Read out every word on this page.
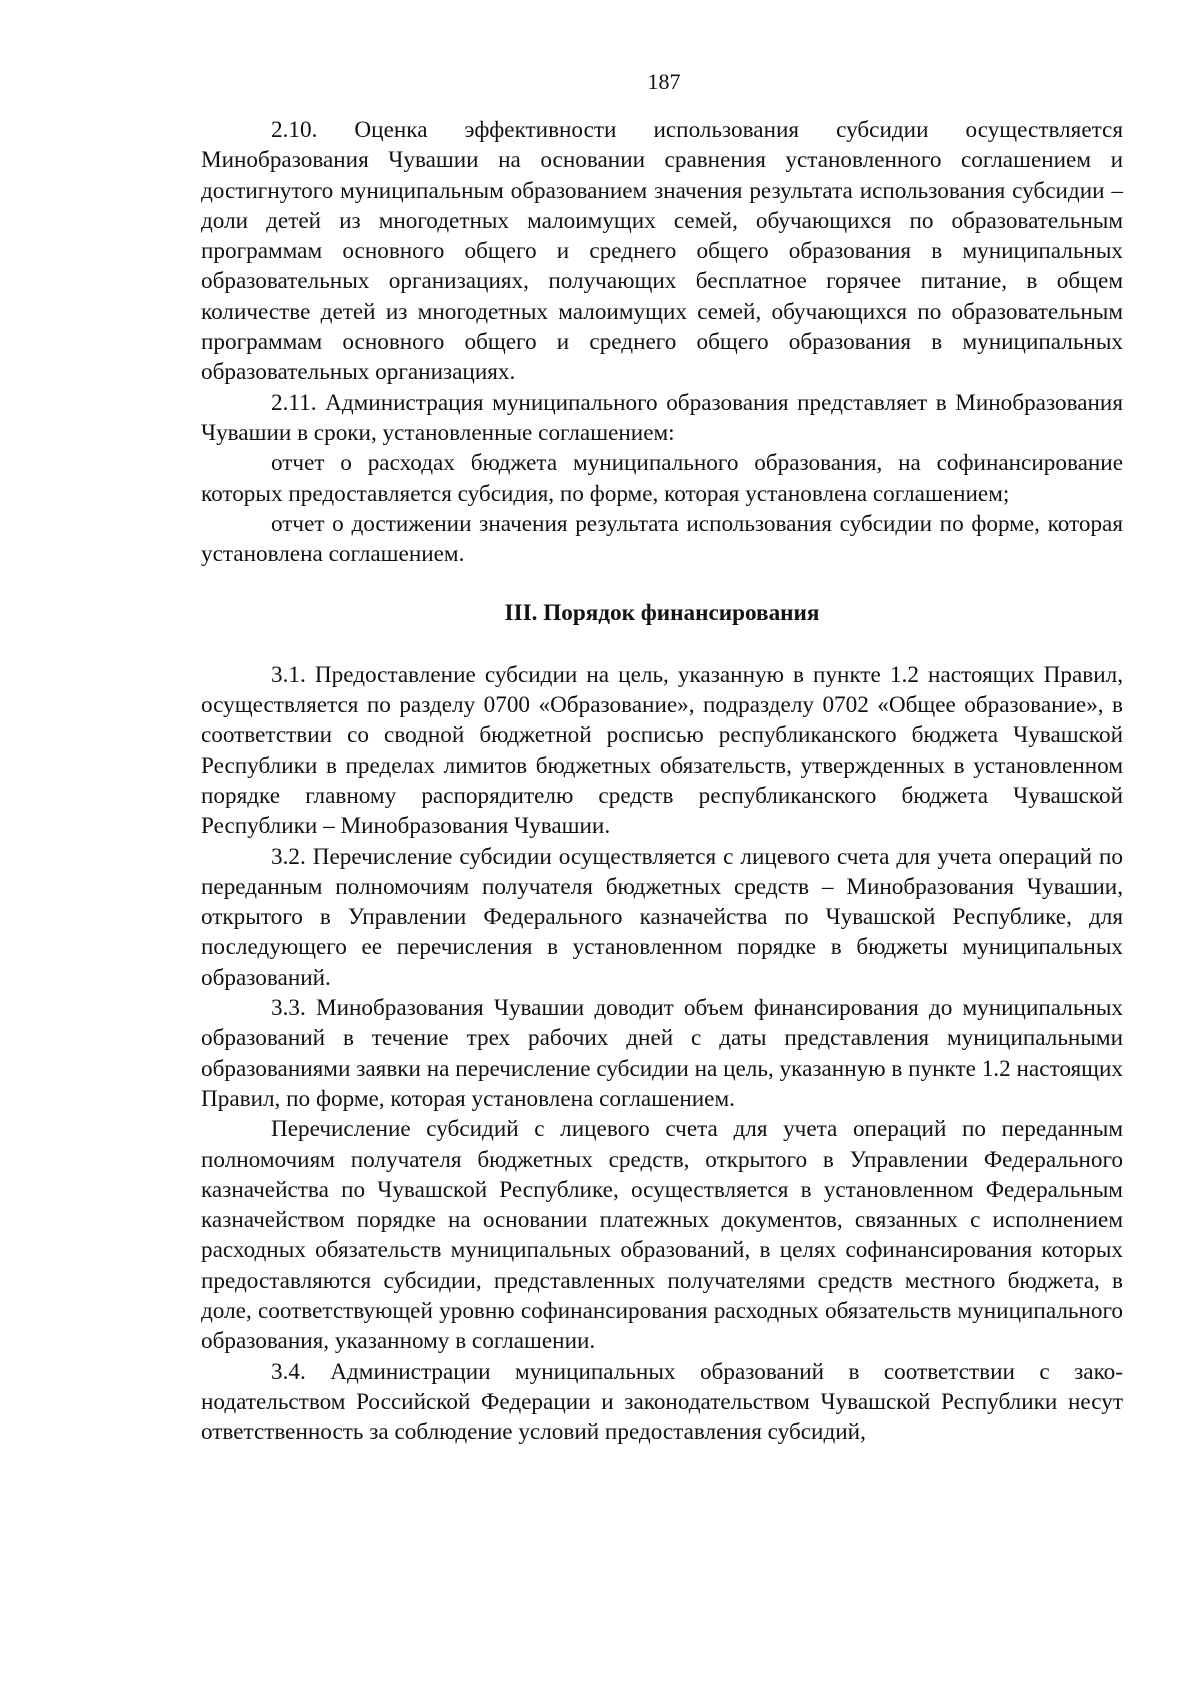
187

2.10. Оценка эффективности использования субсидии осуществляется Минобразования Чувашии на основании сравнения установленного соглашением и достигнутого муниципальным образованием значения результата использования субсидии – доли детей из многодетных малоимущих семей, обучающихся по образовательным программам основного общего и среднего общего образования в муниципальных образовательных организациях, получающих бесплатное горячее питание, в общем количестве детей из многодетных малоимущих семей, обучающихся по образовательным программам основного общего и среднего общего образования в муниципальных образовательных организациях.

2.11. Администрация муниципального образования представляет в Минобразования Чувашии в сроки, установленные соглашением:

отчет о расходах бюджета муниципального образования, на софинансирование которых предоставляется субсидия, по форме, которая установлена соглашением;

отчет о достижении значения результата использования субсидии по форме, которая установлена соглашением.

III. Порядок финансирования

3.1. Предоставление субсидии на цель, указанную в пункте 1.2 настоящих Правил, осуществляется по разделу 0700 «Образование», подразделу 0702 «Общее образование», в соответствии со сводной бюджетной росписью республиканского бюджета Чувашской Республики в пределах лимитов бюджетных обязательств, утвержденных в установленном порядке главному распорядителю средств республиканского бюджета Чувашской Республики – Минобразования Чувашии.

3.2. Перечисление субсидии осуществляется с лицевого счета для учета операций по переданным полномочиям получателя бюджетных средств – Минобразования Чувашии, открытого в Управлении Федерального казначейства по Чувашской Республике, для последующего ее перечисления в установленном порядке в бюджеты муниципальных образований.

3.3. Минобразования Чувашии доводит объем финансирования до муниципальных образований в течение трех рабочих дней с даты представления муниципальными образованиями заявки на перечисление субсидии на цель, указанную в пункте 1.2 настоящих Правил, по форме, которая установлена соглашением.

Перечисление субсидий с лицевого счета для учета операций по переданным полномочиям получателя бюджетных средств, открытого в Управлении Федерального казначейства по Чувашской Республике, осуществляется в установленном Федеральным казначейством порядке на основании платежных документов, связанных с исполнением расходных обязательств муниципальных образований, в целях софинансирования которых предоставляются субсидии, представленных получателями средств местного бюджета, в доле, соответствующей уровню софинансирования расходных обязательств муниципального образования, указанному в соглашении.

3.4. Администрации муниципальных образований в соответствии с законодательством Российской Федерации и законодательством Чувашской Республики несут ответственность за соблюдение условий предоставления субсидий,
